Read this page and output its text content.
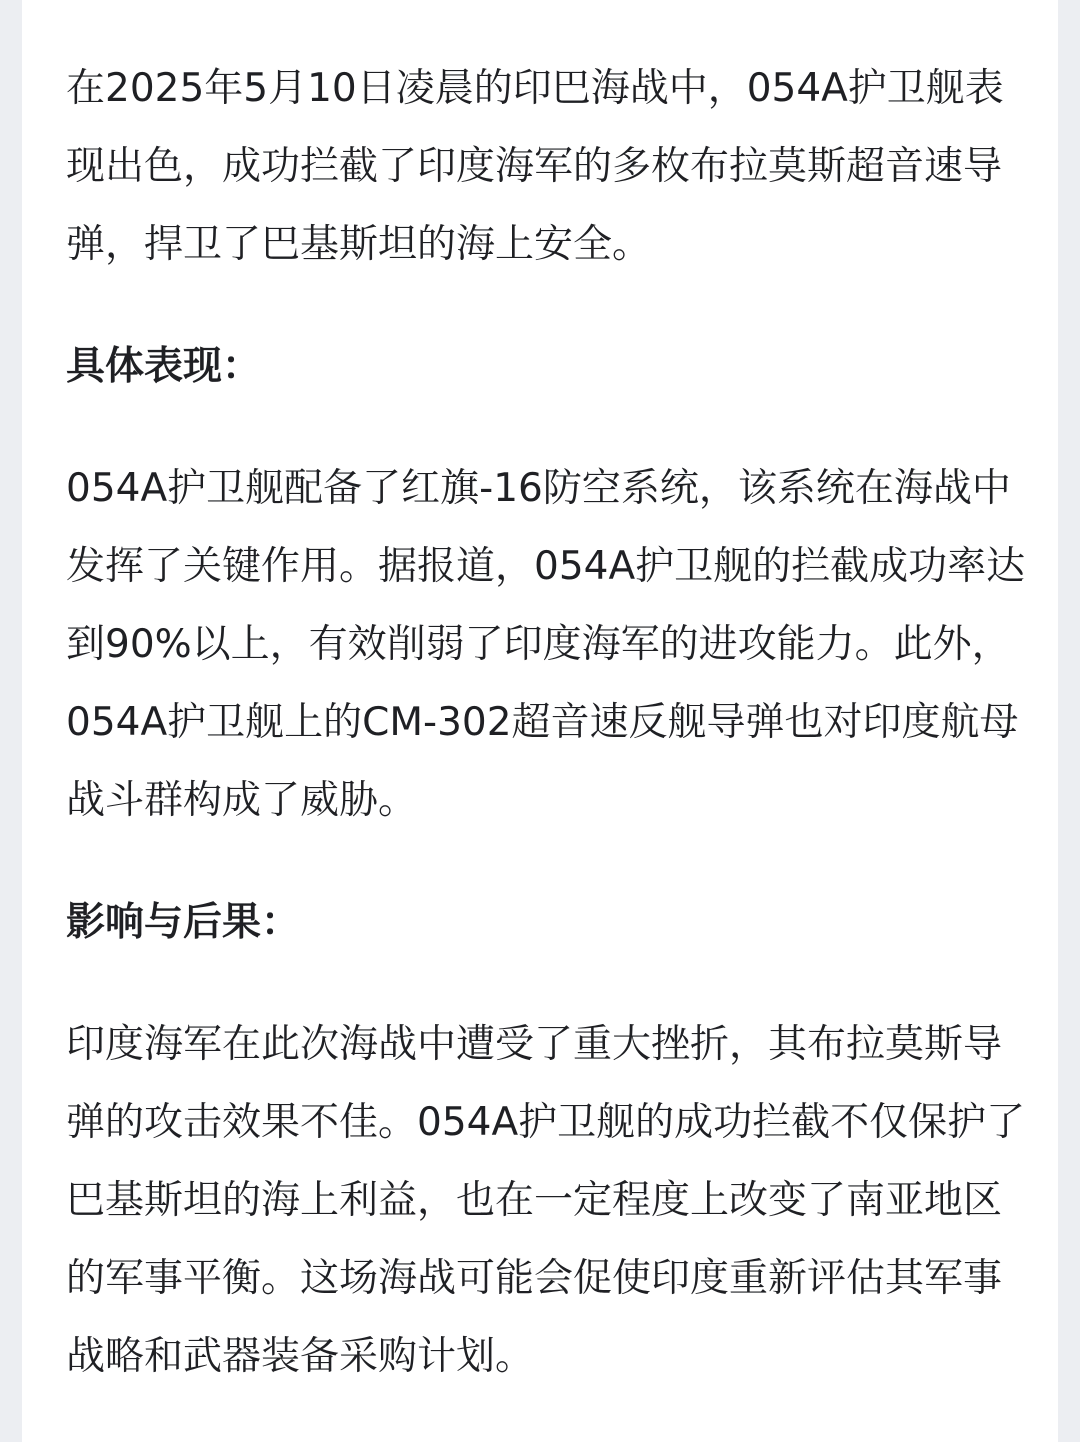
在2025年5月10日凌晨的印巴海战中，054A护卫舰表现出色，成功拦截了印度海军的多枚布拉莫斯超音速导弹，捍卫了巴基斯坦的海上安全。

具体表现：

054A护卫舰配备了红旗-16防空系统，该系统在海战中发挥了关键作用。据报道，054A护卫舰的拦截成功率达到90%以上，有效削弱了印度海军的进攻能力。此外，054A护卫舰上的CM-302超音速反舰导弹也对印度航母战斗群构成了威胁。

影响与后果：

印度海军在此次海战中遭受了重大挫折，其布拉莫斯导弹的攻击效果不佳。054A护卫舰的成功拦截不仅保护了巴基斯坦的海上利益，也在一定程度上改变了南亚地区的军事平衡。这场海战可能会促使印度重新评估其军事战略和武器装备采购计划。
